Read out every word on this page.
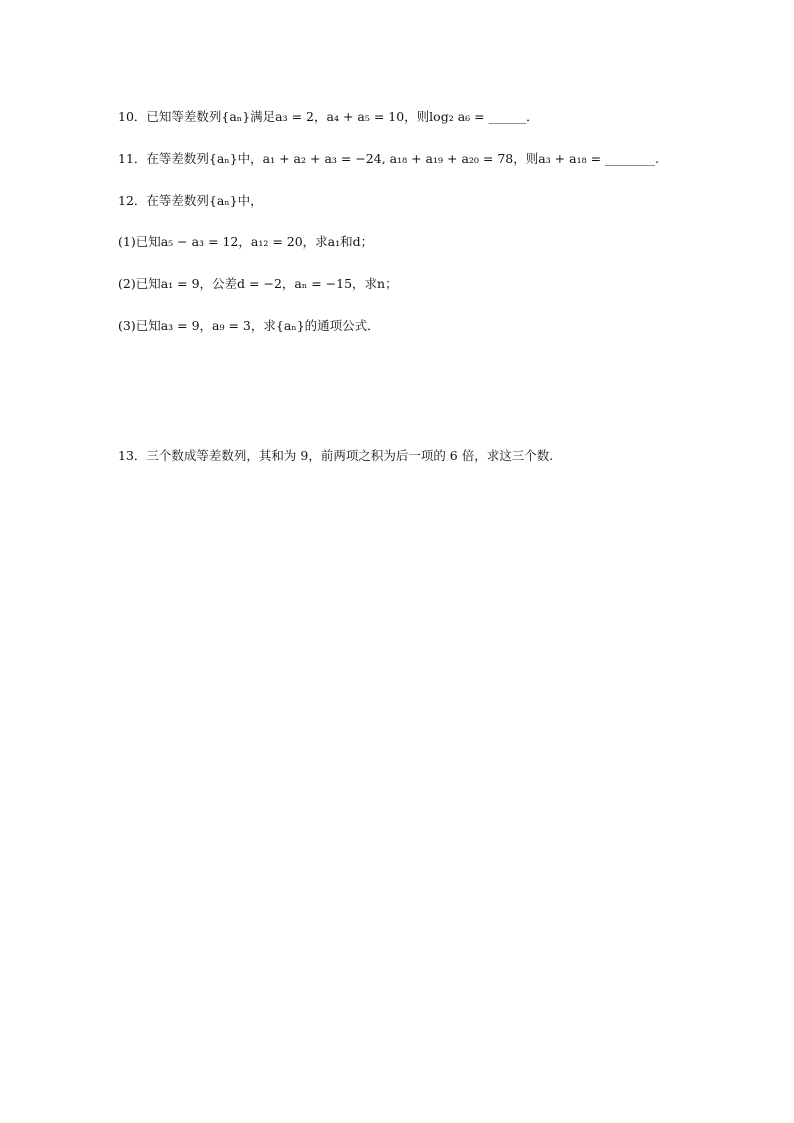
10．已知等差数列{aₙ}满足a₃ = 2，a₄ + a₅ = 10，则log₂ a₆ = ______．
11．在等差数列{aₙ}中，a₁ + a₂ + a₃ = −24, a₁₈ + a₁₉ + a₂₀ = 78，则a₃ + a₁₈ = ________.
12．在等差数列{aₙ}中，
(1)已知a₅ − a₃ = 12，a₁₂ = 20，求a₁和d；
(2)已知a₁ = 9，公差d = −2，aₙ = −15，求n；
(3)已知a₃ = 9，a₉ = 3，求{aₙ}的通项公式．
13．三个数成等差数列，其和为 9，前两项之积为后一项的 6 倍，求这三个数.
